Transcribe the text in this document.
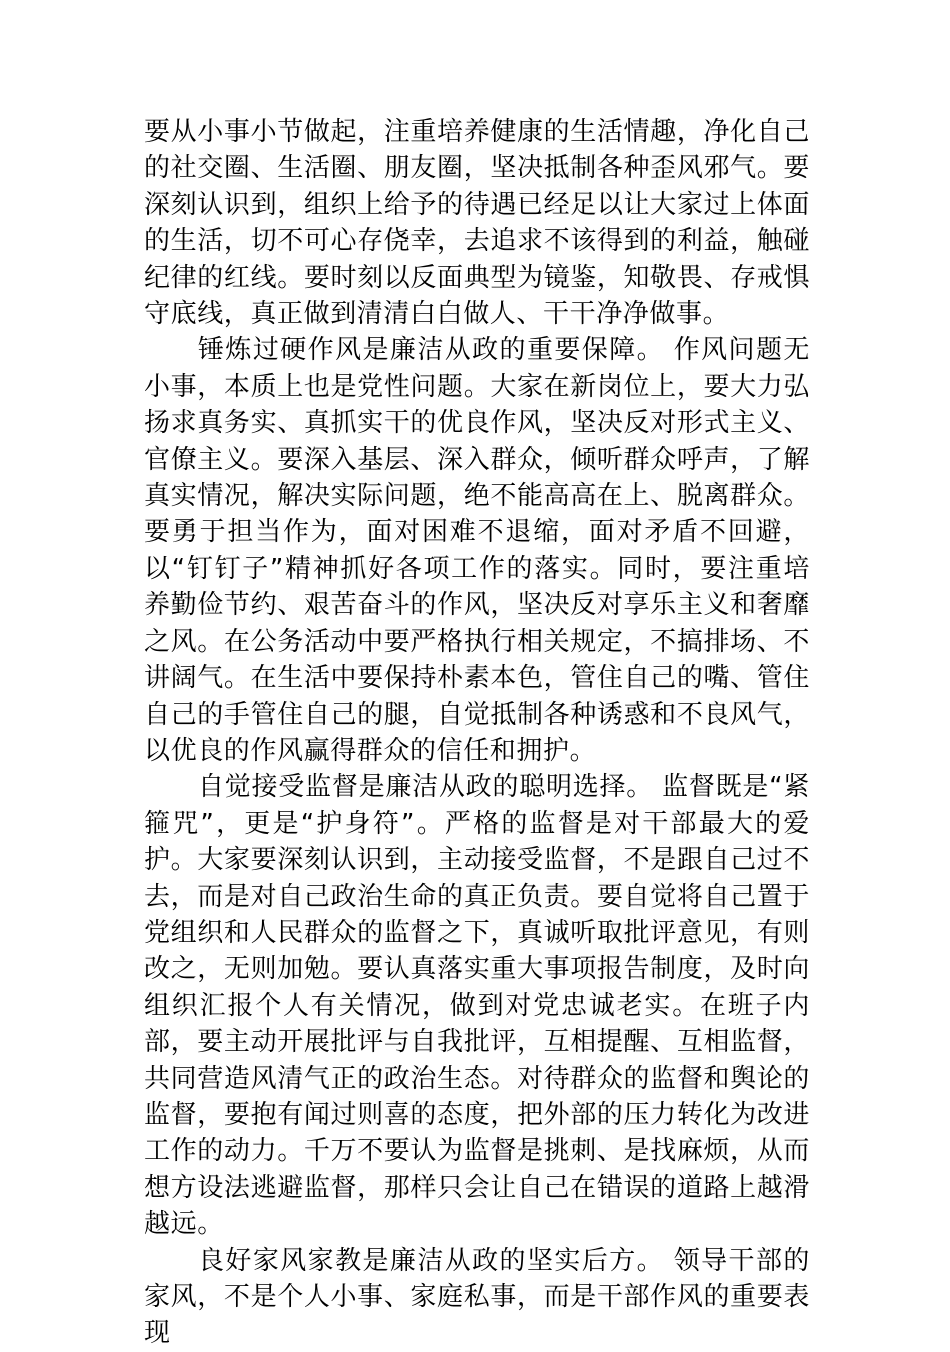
要从小事小节做起，注重培养健康的生活情趣，净化自己的社交圈、生活圈、朋友圈，坚决抵制各种歪风邪气。要深刻认识到，组织上给予的待遇已经足以让大家过上体面的生活，切不可心存侥幸，去追求不该得到的利益，触碰纪律的红线。要时刻以反面典型为镜鉴，知敬畏、存戒惧守底线，真正做到清清白白做人、干干净净做事。

锤炼过硬作风是廉洁从政的重要保障。 作风问题无小事，本质上也是党性问题。大家在新岗位上，要大力弘扬求真务实、真抓实干的优良作风，坚决反对形式主义、官僚主义。要深入基层、深入群众，倾听群众呼声，了解真实情况，解决实际问题，绝不能高高在上、脱离群众。要勇于担当作为，面对困难不退缩，面对矛盾不回避，以“钉钉子”精神抓好各项工作的落实。同时，要注重培养勤俭节约、艰苦奋斗的作风，坚决反对享乐主义和奢靡之风。在公务活动中要严格执行相关规定，不搞排场、不讲阔气。在生活中要保持朴素本色，管住自己的嘴、管住自己的手管住自己的腿，自觉抵制各种诱惑和不良风气，以优良的作风赢得群众的信任和拥护。

自觉接受监督是廉洁从政的聪明选择。 监督既是“紧箍咒”，更是“护身符”。严格的监督是对干部最大的爱护。大家要深刻认识到，主动接受监督，不是跟自己过不去，而是对自己政治生命的真正负责。要自觉将自己置于党组织和人民群众的监督之下，真诚听取批评意见，有则改之，无则加勉。要认真落实重大事项报告制度，及时向组织汇报个人有关情况，做到对党忠诚老实。在班子内部，要主动开展批评与自我批评，互相提醒、互相监督，共同营造风清气正的政治生态。对待群众的监督和舆论的监督，要抱有闻过则喜的态度，把外部的压力转化为改进工作的动力。千万不要认为监督是挑刺、是找麻烦，从而想方设法逃避监督，那样只会让自己在错误的道路上越滑越远。

良好家风家教是廉洁从政的坚实后方。 领导干部的家风，不是个人小事、家庭私事，而是干部作风的重要表现
